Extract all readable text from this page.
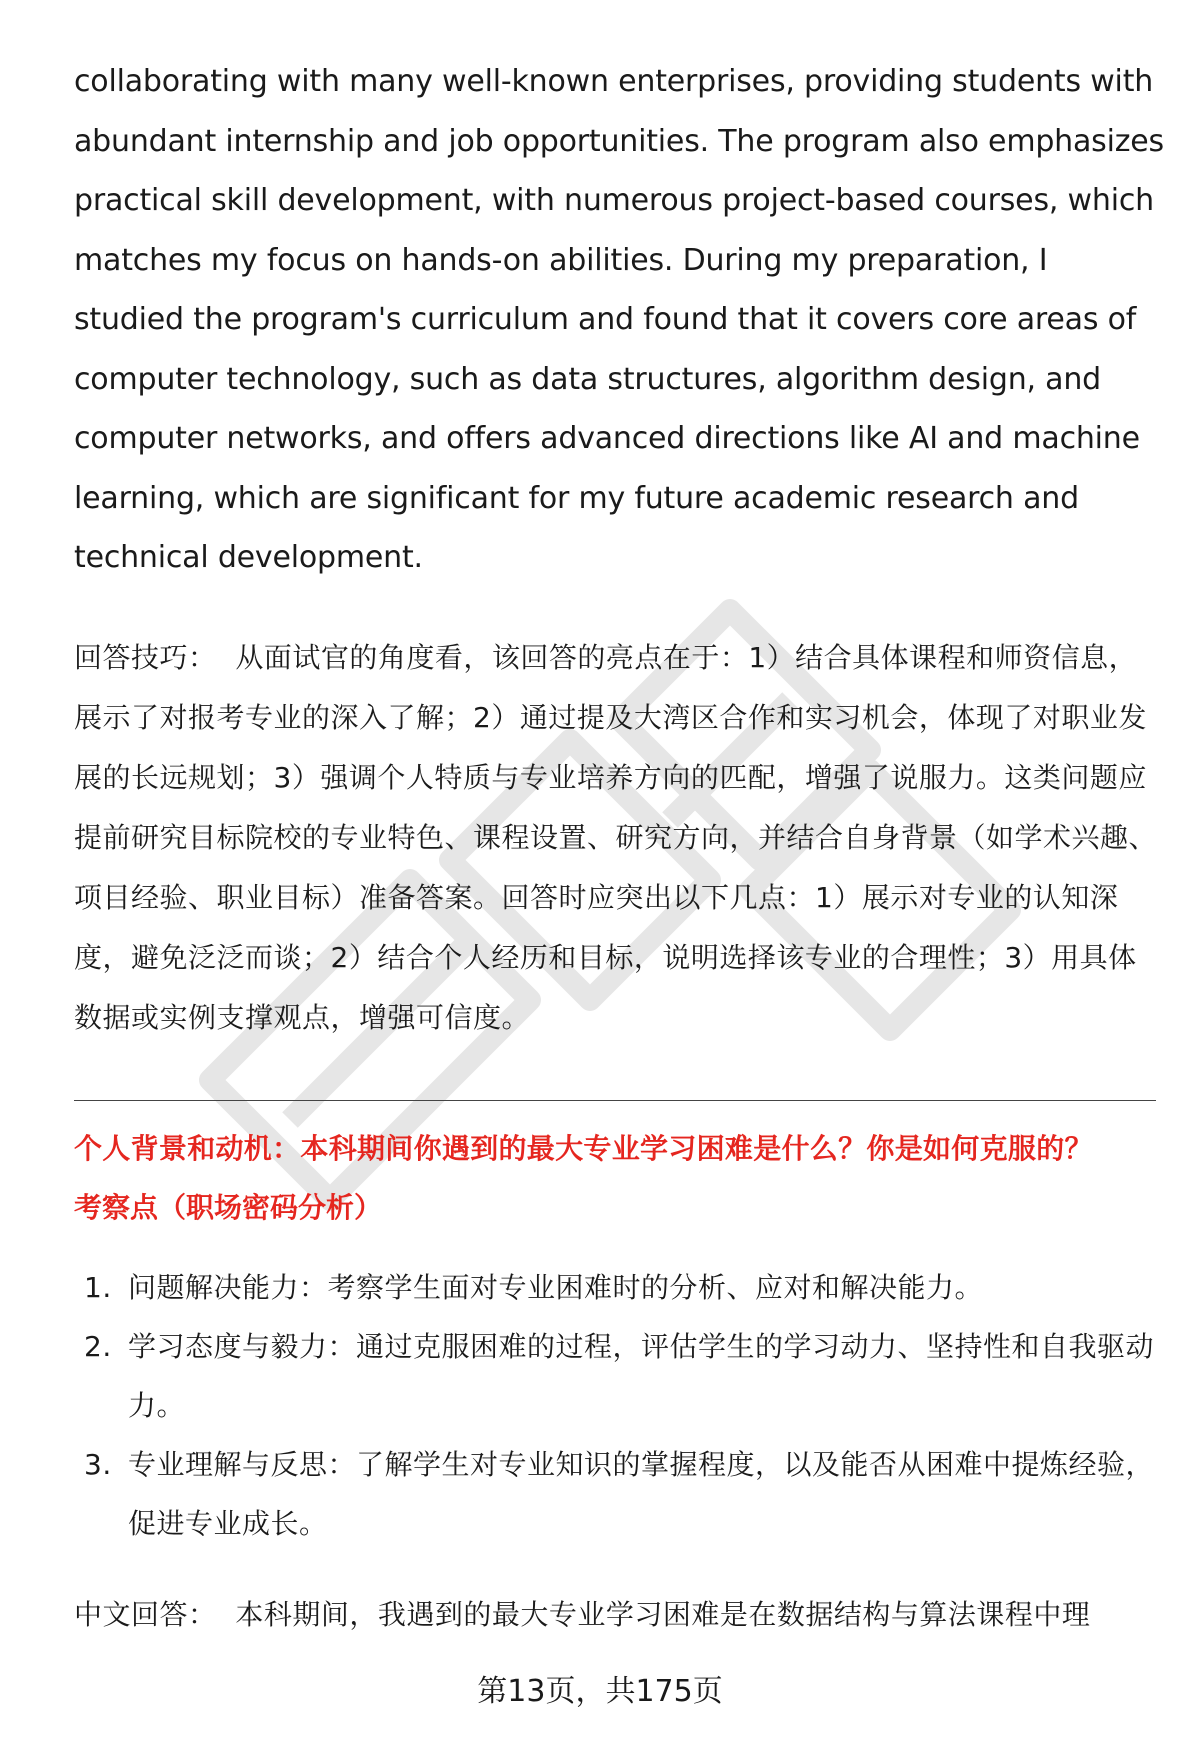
collaborating with many well-known enterprises, providing students with abundant internship and job opportunities. The program also emphasizes practical skill development, with numerous project-based courses, which matches my focus on hands-on abilities. During my preparation, I studied the program's curriculum and found that it covers core areas of computer technology, such as data structures, algorithm design, and computer networks, and offers advanced directions like AI and machine learning, which are significant for my future academic research and technical development.

回答技巧： 从面试官的角度看，该回答的亮点在于：1）结合具体课程和师资信息，展示了对报考专业的深入了解；2）通过提及大湾区合作和实习机会，体现了对职业发展的长远规划；3）强调个人特质与专业培养方向的匹配，增强了说服力。这类问题应提前研究目标院校的专业特色、课程设置、研究方向，并结合自身背景（如学术兴趣、项目经验、职业目标）准备答案。回答时应突出以下几点：1）展示对专业的认知深度，避免泛泛而谈；2）结合个人经历和目标，说明选择该专业的合理性；3）用具体数据或实例支撑观点，增强可信度。

个人背景和动机：本科期间你遇到的最大专业学习困难是什么？你是如何克服的？
考察点（职场密码分析）
1. 问题解决能力：考察学生面对专业困难时的分析、应对和解决能力。
2. 学习态度与毅力：通过克服困难的过程，评估学生的学习动力、坚持性和自我驱动力。
3. 专业理解与反思：了解学生对专业知识的掌握程度，以及能否从困难中提炼经验，促进专业成长。

中文回答： 本科期间，我遇到的最大专业学习困难是在数据结构与算法课程中理

第13页，共175页
